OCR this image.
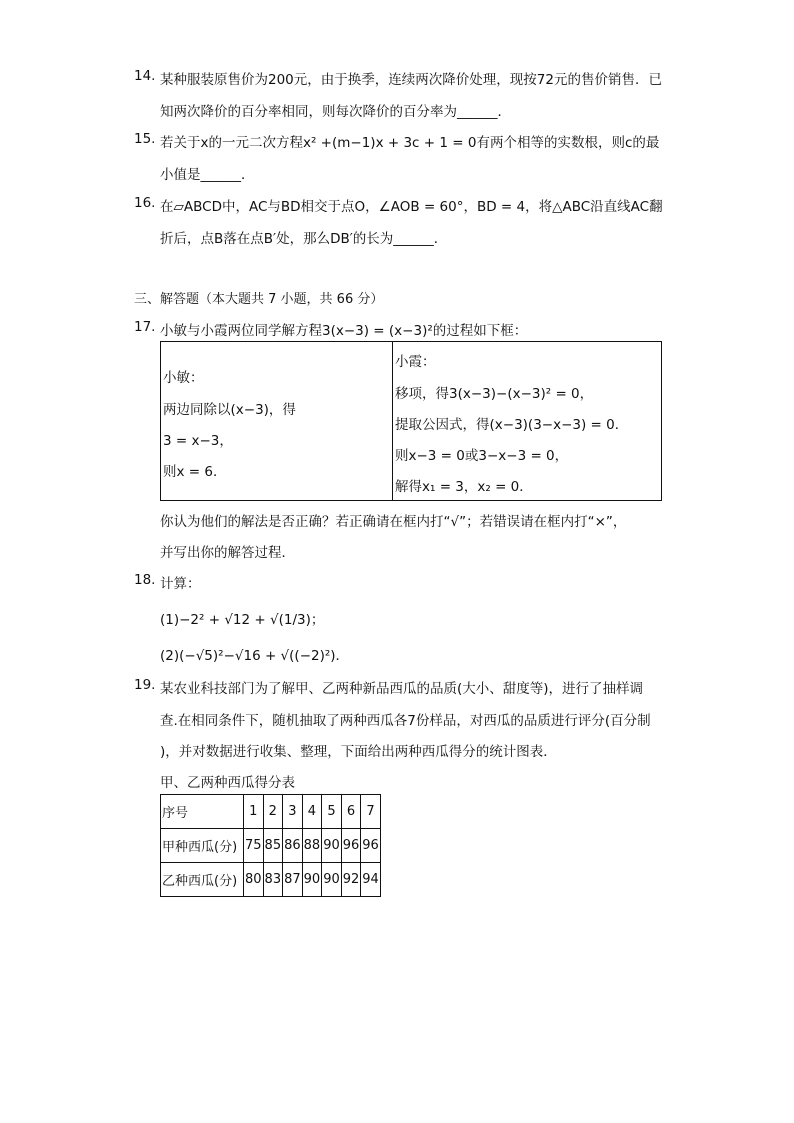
14. 某种服装原售价为200元，由于换季，连续两次降价处理，现按72元的售价销售．已
知两次降价的百分率相同，则每次降价的百分率为______．
15. 若关于x的一元二次方程x² +(m−1)x + 3c + 1 = 0有两个相等的实数根，则c的最
小值是______．
16. 在▱ABCD中，AC与BD相交于点O，∠AOB = 60°，BD = 4，将△ABC沿直线AC翻
折后，点B落在点B′处，那么DB′的长为______．
三、解答题（本大题共 7 小题，共 66 分）
17. 小敏与小霞两位同学解方程3(x−3) = (x−3)²的过程如下框：
小敏：
两边同除以(x−3)，得
3 = x−3，
则x = 6．

小霞：
移项，得3(x−3)−(x−3)² = 0，
提取公因式，得(x−3)(3−x−3) = 0．
则x−3 = 0或3−x−3 = 0，
解得x₁ = 3，x₂ = 0．
你认为他们的解法是否正确？若正确请在框内打“√”；若错误请在框内打“×”，
并写出你的解答过程．
18. 计算：
(1)−2² + √12 + √(1/3)；
(2)(−√5)²−√16 + √((−2)²)．
19. 某农业科技部门为了解甲、乙两种新品西瓜的品质(大小、甜度等)，进行了抽样调
查.在相同条件下，随机抽取了两种西瓜各7份样品，对西瓜的品质进行评分(百分制
)，并对数据进行收集、整理，下面给出两种西瓜得分的统计图表．
甲、乙两种西瓜得分表
序号	1	2	3	4	5	6	7
甲种西瓜(分)	75	85	86	88	90	96	96
乙种西瓜(分)	80	83	87	90	90	92	94
